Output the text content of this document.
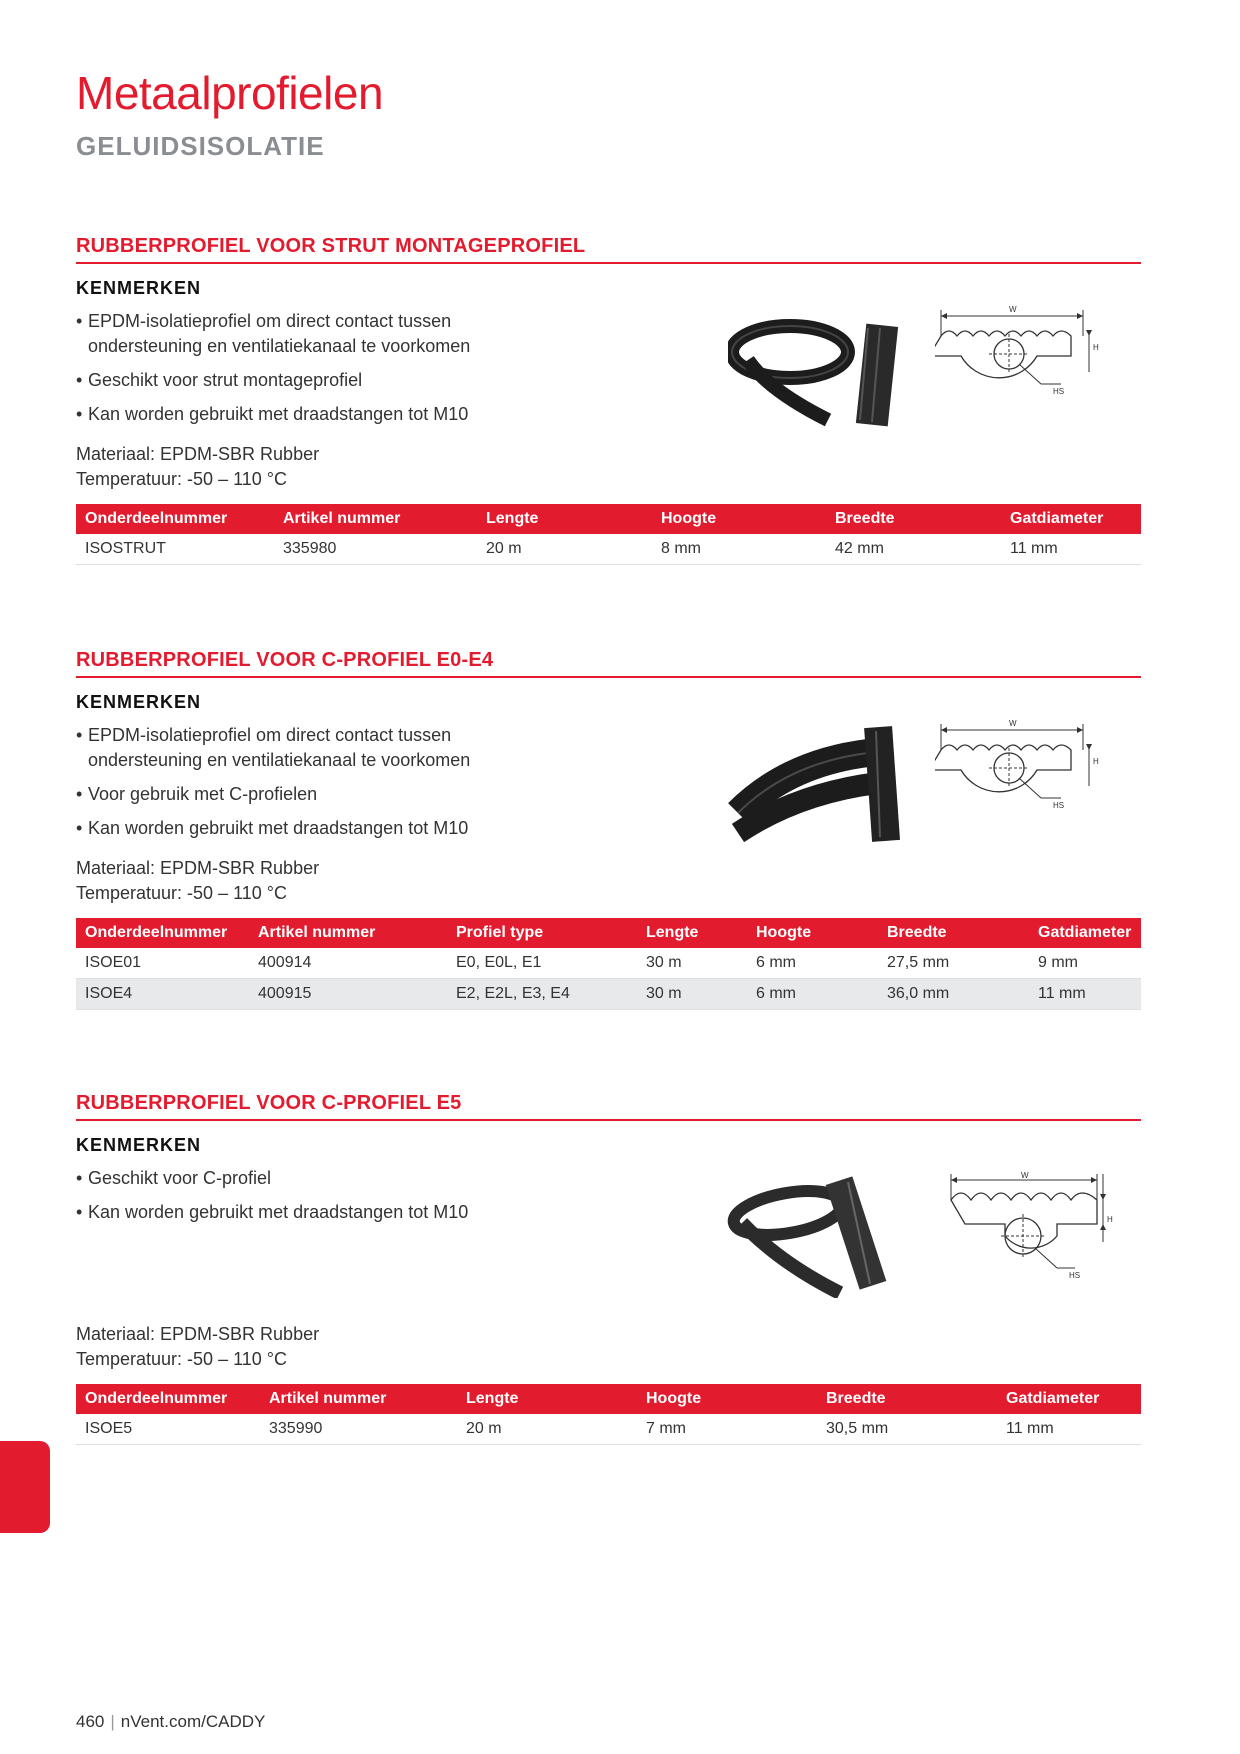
Metaalprofielen
GELUIDSISOLATIE
RUBBERPROFIEL VOOR STRUT MONTAGEPROFIEL
KENMERKEN
• EPDM-isolatieprofiel om direct contact tussen ondersteuning en ventilatiekanaal te voorkomen
• Geschikt voor strut montageprofiel
• Kan worden gebruikt met draadstangen tot M10
Materiaal: EPDM-SBR Rubber
Temperatuur: -50 – 110 °C
Onderdeelnummer	Artikel nummer	Lengte	Hoogte	Breedte	Gatdiameter
ISOSTRUT	335980	20 m	8 mm	42 mm	11 mm
RUBBERPROFIEL VOOR C-PROFIEL E0-E4
KENMERKEN
• EPDM-isolatieprofiel om direct contact tussen ondersteuning en ventilatiekanaal te voorkomen
• Voor gebruik met C-profielen
• Kan worden gebruikt met draadstangen tot M10
Materiaal: EPDM-SBR Rubber
Temperatuur: -50 – 110 °C
Onderdeelnummer	Artikel nummer	Profiel type	Lengte	Hoogte	Breedte	Gatdiameter
ISOE01	400914	E0, E0L, E1	30 m	6 mm	27,5 mm	9 mm
ISOE4	400915	E2, E2L, E3, E4	30 m	6 mm	36,0 mm	11 mm
RUBBERPROFIEL VOOR C-PROFIEL E5
KENMERKEN
• Geschikt voor C-profiel
• Kan worden gebruikt met draadstangen tot M10
Materiaal: EPDM-SBR Rubber
Temperatuur: -50 – 110 °C
Onderdeelnummer	Artikel nummer	Lengte	Hoogte	Breedte	Gatdiameter
ISOE5	335990	20 m	7 mm	30,5 mm	11 mm
W
H
HS
W
H
HS
W
H
HS
460 | nVent.com/CADDY
